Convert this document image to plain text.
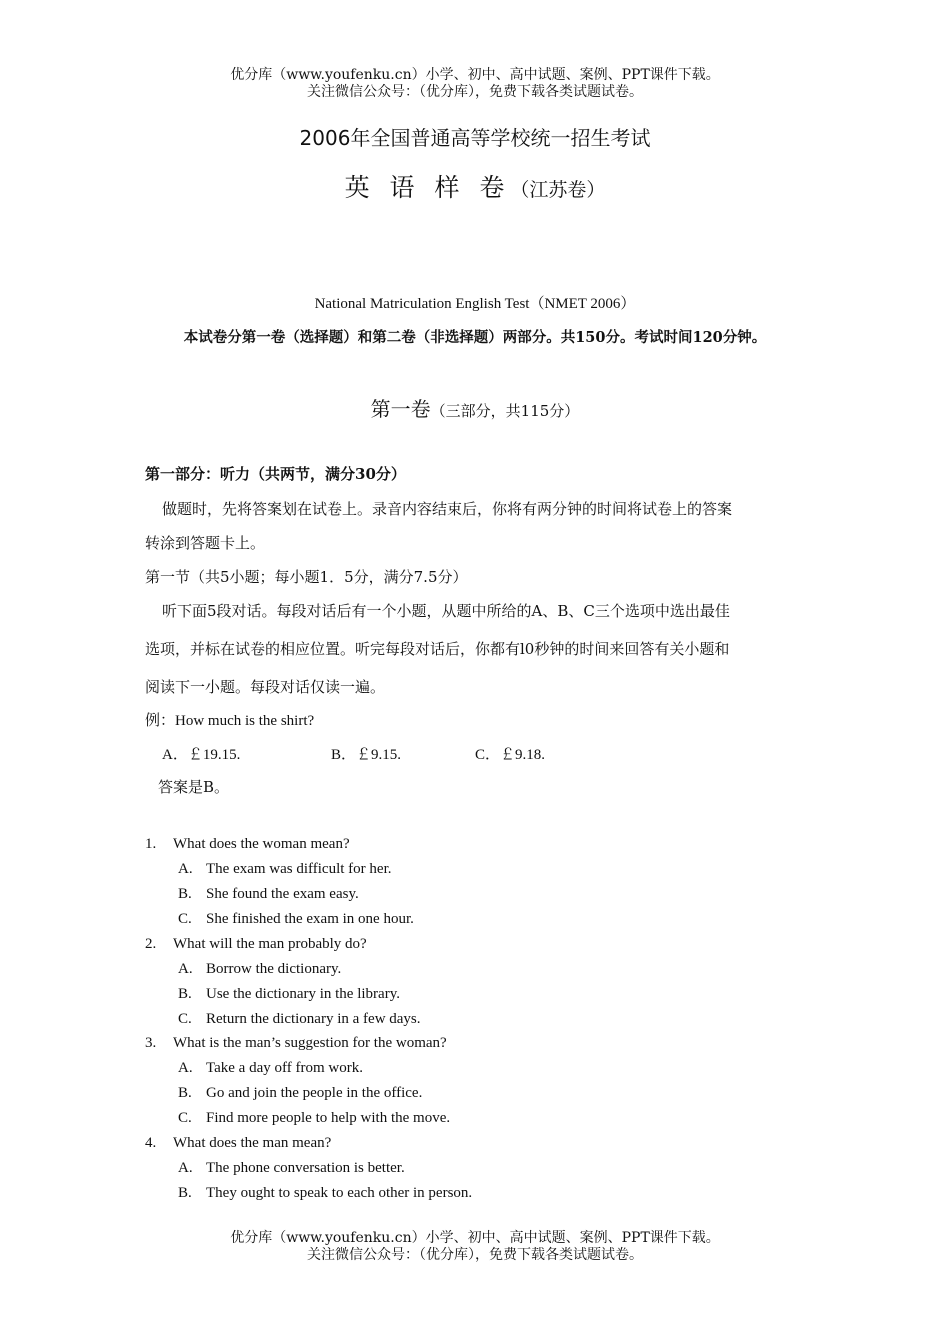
优分库（www.youfenku.cn）小学、初中、高中试题、案例、PPT课件下载。
关注微信公众号：（优分库），免费下载各类试题试卷。
2006年全国普通高等学校统一招生考试
英 语 样 卷（江苏卷）
National Matriculation English Test（NMET 2006）
本试卷分第一卷（选择题）和第二卷（非选择题）两部分。共150分。考试时间120分钟。
第一卷（三部分，共115分）
第一部分：听力（共两节，满分30分）
做题时，先将答案划在试卷上。录音内容结束后，你将有两分钟的时间将试卷上的答案
转涂到答题卡上。
第一节（共5小题；每小题1．5分，满分7.5分）
听下面5段对话。每段对话后有一个小题，从题中所给的A、B、C三个选项中选出最佳
选项，并标在试卷的相应位置。听完每段对话后，你都有l0秒钟的时间来回答有关小题和
阅读下一小题。每段对话仅读一遍。
例：How much is the shirt?
A．￡19.15.	B．￡9.15.	C．￡9.18.
答案是B。
1. What does the woman mean?
A. The exam was difficult for her.
B. She found the exam easy.
C. She finished the exam in one hour.
2. What will the man probably do?
A. Borrow the dictionary.
B. Use the dictionary in the library.
C. Return the dictionary in a few days.
3. What is the man’s suggestion for the woman?
A. Take a day off from work.
B. Go and join the people in the office.
C. Find more people to help with the move.
4. What does the man mean?
A. The phone conversation is better.
B. They ought to speak to each other in person.
优分库（www.youfenku.cn）小学、初中、高中试题、案例、PPT课件下载。
关注微信公众号：（优分库），免费下载各类试题试卷。
